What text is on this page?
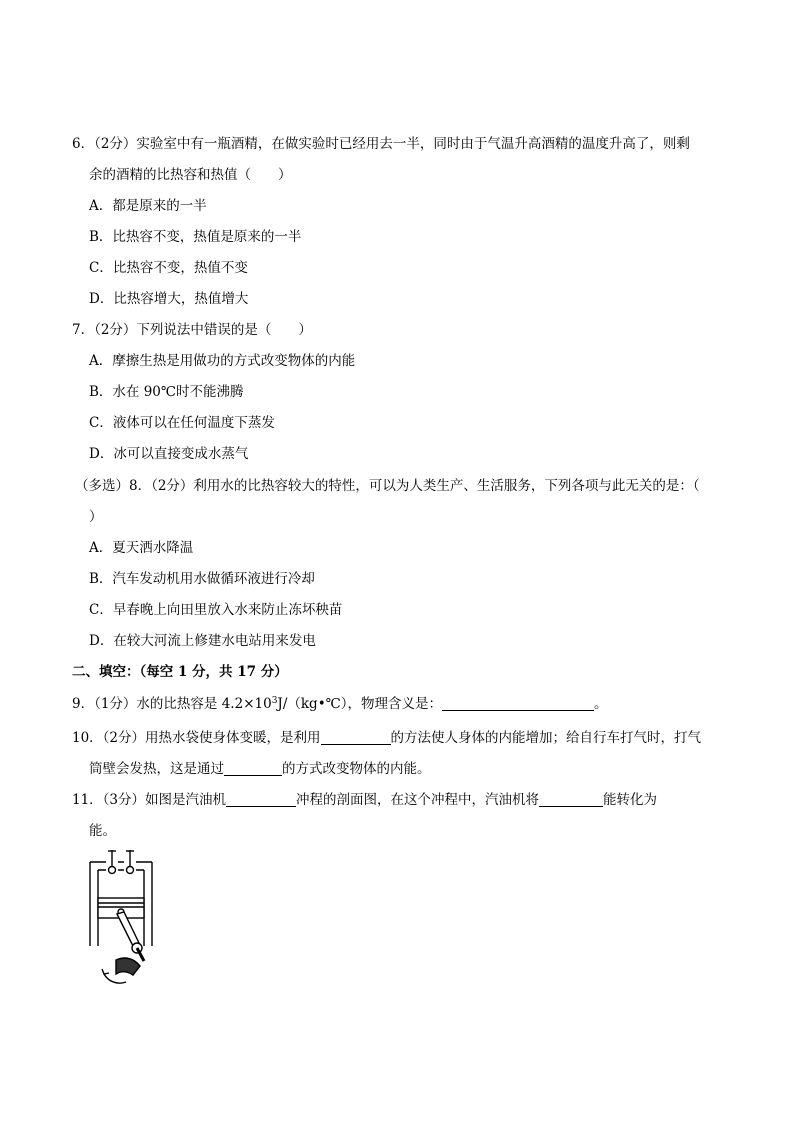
6．（2分）实验室中有一瓶酒精，在做实验时已经用去一半，同时由于气温升高酒精的温度升高了，则剩
余的酒精的比热容和热值（　　）
A．都是原来的一半
B．比热容不变，热值是原来的一半
C．比热容不变，热值不变
D．比热容增大，热值增大
7．（2分）下列说法中错误的是（　　）
A．摩擦生热是用做功的方式改变物体的内能
B．水在 90℃时不能沸腾
C．液体可以在任何温度下蒸发
D．冰可以直接变成水蒸气
（多选）8．（2分）利用水的比热容较大的特性，可以为人类生产、生活服务，下列各项与此无关的是：（
）
A．夏天洒水降温
B．汽车发动机用水做循环液进行冷却
C．早春晚上向田里放入水来防止冻坏秧苗
D．在较大河流上修建水电站用来发电
二、填空：（每空 1 分，共 17 分）
9．（1分）水的比热容是 $4.2\times 10^3J/(kg•℃)$，物理含义是：	。
10．（2分）用热水袋使身体变暖，是利用	的方法使人身体的内能增加；给自行车打气时，打气
筒壁会发热，这是通过	的方式改变物体的内能。
11．（3分）如图是汽油机	冲程的剖面图，在这个冲程中，汽油机将	能转化为
能。
